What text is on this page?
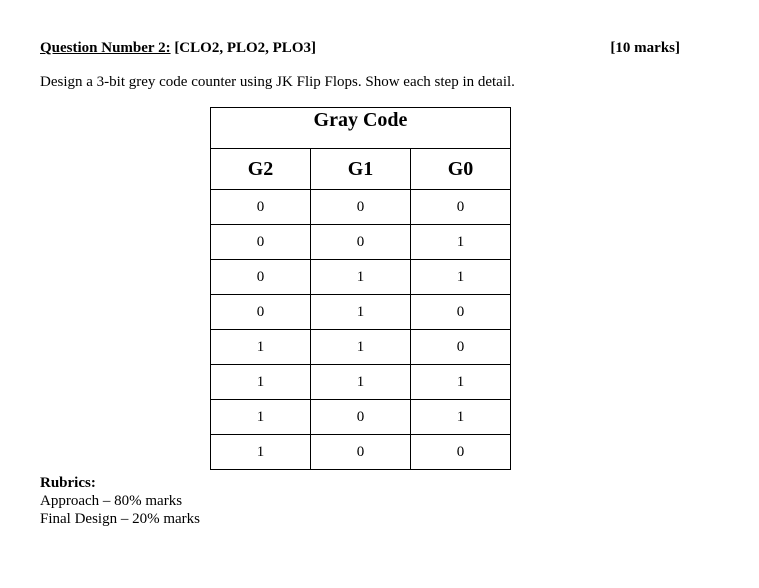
Question Number 2: [CLO2, PLO2, PLO3]	[10 marks]
Design a 3-bit grey code counter using JK Flip Flops. Show each step in detail.
Gray Code		
G2	G1	G0
0	0	0
0	0	1
0	1	1
0	1	0
1	1	0
1	1	1
1	0	1
1	0	0
Rubrics:
Approach – 80% marks
Final Design – 20% marks
